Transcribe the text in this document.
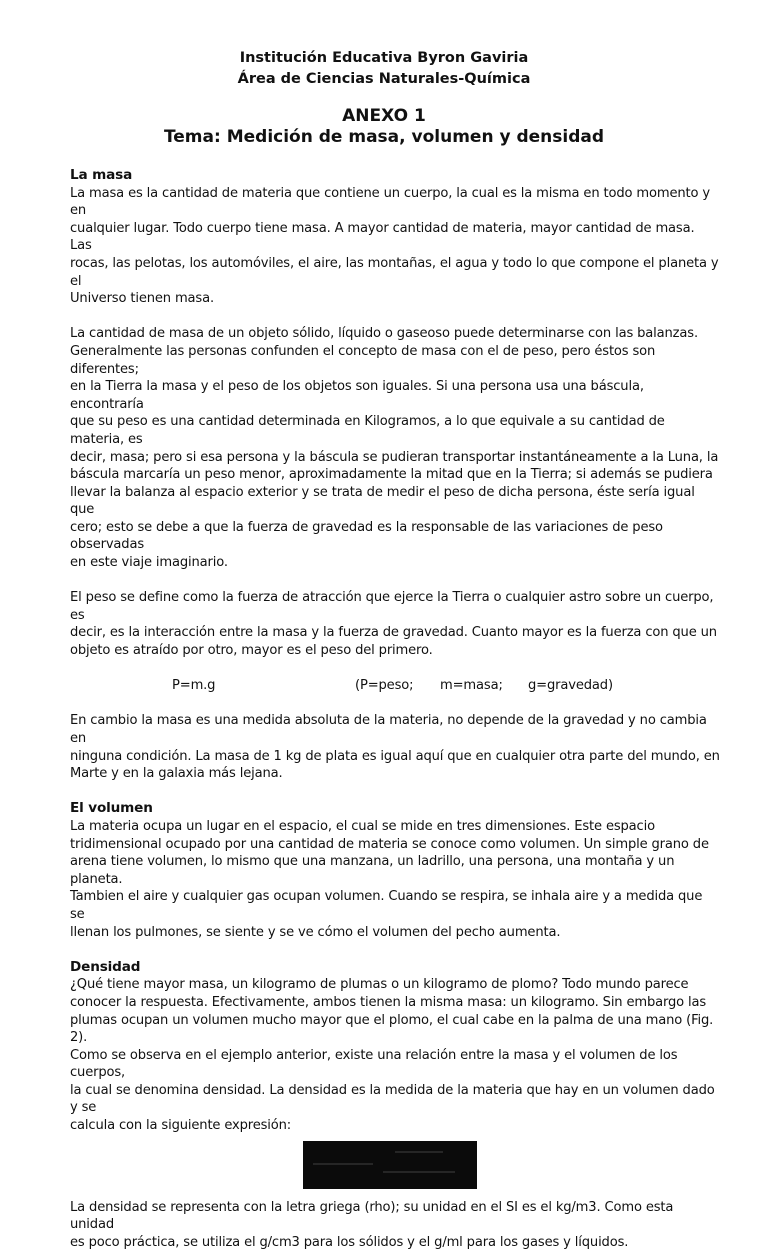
Institución Educativa Byron Gaviria
Área de Ciencias Naturales-Química
ANEXO 1
Tema: Medición de masa, volumen y densidad

La masa

La masa es la cantidad de materia que contiene un cuerpo, la cual es la misma en todo momento y en

cualquier lugar. Todo cuerpo tiene masa. A mayor cantidad de materia, mayor cantidad de masa. Las

rocas, las pelotas, los automóviles, el aire, las montañas, el agua y todo lo que compone el planeta y el

Universo tienen masa.

La cantidad de masa de un objeto sólido, líquido o gaseoso puede determinarse con las balanzas.

Generalmente las personas confunden el concepto de masa con el de peso, pero éstos son diferentes;

en la Tierra la masa y el peso de los objetos son iguales. Si una persona usa una báscula, encontraría

que su peso es una cantidad determinada en Kilogramos, a lo que equivale a su cantidad de materia, es

decir, masa; pero si esa persona y la báscula se pudieran transportar instantáneamente a la Luna, la

báscula marcaría un peso menor, aproximadamente la mitad que en la Tierra; si además se pudiera

llevar la balanza al espacio exterior y se trata de medir el peso de dicha persona, éste sería igual que

cero; esto se debe a que la fuerza de gravedad es la responsable de las variaciones de peso observadas

en este viaje imaginario.

El peso se define como la fuerza de atracción que ejerce la Tierra o cualquier astro sobre un cuerpo, es

decir, es la interacción entre la masa y la fuerza de gravedad. Cuanto mayor es la fuerza con que un

objeto es atraído por otro, mayor es el peso del primero.

P=m.g	(P=peso; m=masa; g=gravedad)

En cambio la masa es una medida absoluta de la materia, no depende de la gravedad y no cambia en

ninguna condición. La masa de 1 kg de plata es igual aquí que en cualquier otra parte del mundo, en

Marte y en la galaxia más lejana.

El volumen

La materia ocupa un lugar en el espacio, el cual se mide en tres dimensiones. Este espacio

tridimensional ocupado por una cantidad de materia se conoce como volumen. Un simple grano de

arena tiene volumen, lo mismo que una manzana, un ladrillo, una persona, una montaña y un planeta.

Tambien el aire y cualquier gas ocupan volumen. Cuando se respira, se inhala aire y a medida que se

llenan los pulmones, se siente y se ve cómo el volumen del pecho aumenta.

Densidad

¿Qué tiene mayor masa, un kilogramo de plumas o un kilogramo de plomo? Todo mundo parece

conocer la respuesta. Efectivamente, ambos tienen la misma masa: un kilogramo. Sin embargo las

plumas ocupan un volumen mucho mayor que el plomo, el cual cabe en la palma de una mano (Fig. 2).

Como se observa en el ejemplo anterior, existe una relación entre la masa y el volumen de los cuerpos,

la cual se denomina densidad. La densidad es la medida de la materia que hay en un volumen dado y se

calcula con la siguiente expresión:

La densidad se representa con la letra griega (rho); su unidad en el SI es el kg/m3. Como esta unidad

es poco práctica, se utiliza el g/cm3 para los sólidos y el g/ml para los gases y líquidos.
